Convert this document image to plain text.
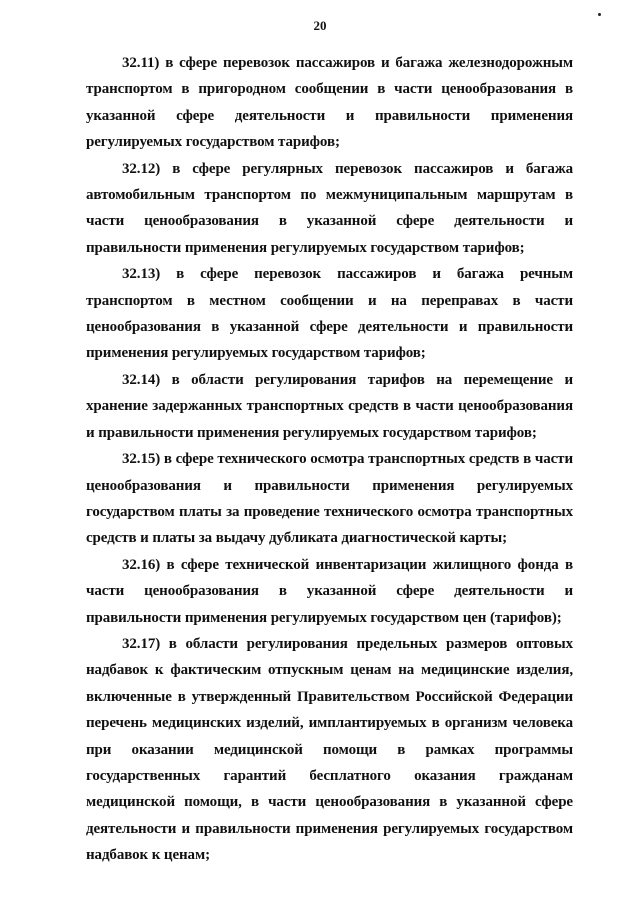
20

32.11) в сфере перевозок пассажиров и багажа железнодорожным транспортом в пригородном сообщении в части ценообразования в указанной сфере деятельности и правильности применения регулируемых государством тарифов;

32.12) в сфере регулярных перевозок пассажиров и багажа автомобильным транспортом по межмуниципальным маршрутам в части ценообразования в указанной сфере деятельности и правильности применения регулируемых государством тарифов;

32.13) в сфере перевозок пассажиров и багажа речным транспортом в местном сообщении и на переправах в части ценообразования в указанной сфере деятельности и правильности применения регулируемых государством тарифов;

32.14) в области регулирования тарифов на перемещение и хранение задержанных транспортных средств в части ценообразования и правильности применения регулируемых государством тарифов;

32.15) в сфере технического осмотра транспортных средств в части ценообразования и правильности применения регулируемых государством платы за проведение технического осмотра транспортных средств и платы за выдачу дубликата диагностической карты;

32.16) в сфере технической инвентаризации жилищного фонда в части ценообразования в указанной сфере деятельности и правильности применения регулируемых государством цен (тарифов);

32.17) в области регулирования предельных размеров оптовых надбавок к фактическим отпускным ценам на медицинские изделия, включенные в утвержденный Правительством Российской Федерации перечень медицинских изделий, имплантируемых в организм человека при оказании медицинской помощи в рамках программы государственных гарантий бесплатного оказания гражданам медицинской помощи, в части ценообразования в указанной сфере деятельности и правильности применения регулируемых государством надбавок к ценам;
